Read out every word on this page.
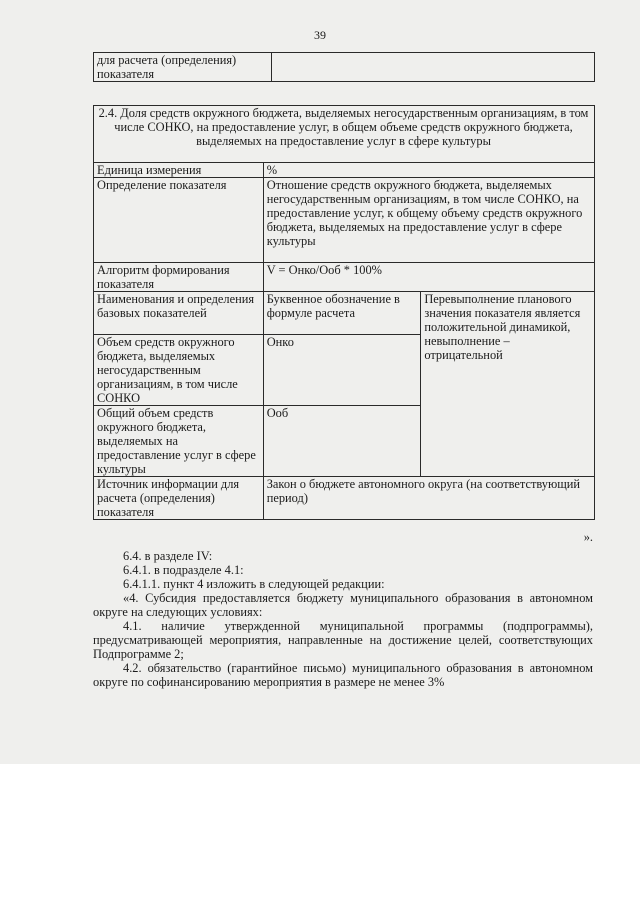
39
для расчета (определения) показателя	
2.4. Доля средств окружного бюджета, выделяемых негосударственным организациям, в том числе СОНКО, на предоставление услуг, в общем объеме средств окружного бюджета, выделяемых на предоставление услуг в сфере культуры		
Единица измерения	%	
Определение показателя	Отношение средств окружного бюджета, выделяемых негосударственным организациям, в том числе СОНКО, на предоставление услуг, к общему объему средств окружного бюджета, выделяемых на предоставление услуг в сфере культуры	
Алгоритм формирования показателя	V = Онко/Ооб * 100%	
Наименования и определения базовых показателей	Буквенное обозначение в формуле расчета	Перевыполнение планового значения показателя является положительной динамикой, невыполнение – отрицательной
Объем средств окружного бюджета, выделяемых негосударственным организациям, в том числе СОНКО	Онко	
Общий объем средств окружного бюджета, выделяемых на предоставление услуг в сфере культуры	Ооб	
Источник информации для расчета (определения) показателя	Закон о бюджете автономного округа (на соответствующий период)	
».

6.4. в разделе IV:

6.4.1. в подразделе 4.1:

6.4.1.1. пункт 4 изложить в следующей редакции:

«4. Субсидия предоставляется бюджету муниципального образования в автономном округе на следующих условиях:

4.1. наличие утвержденной муниципальной программы (подпрограммы), предусматривающей мероприятия, направленные на достижение целей, соответствующих Подпрограмме 2;

4.2. обязательство (гарантийное письмо) муниципального образования в автономном округе по софинансированию мероприятия в размере не менее 3%
